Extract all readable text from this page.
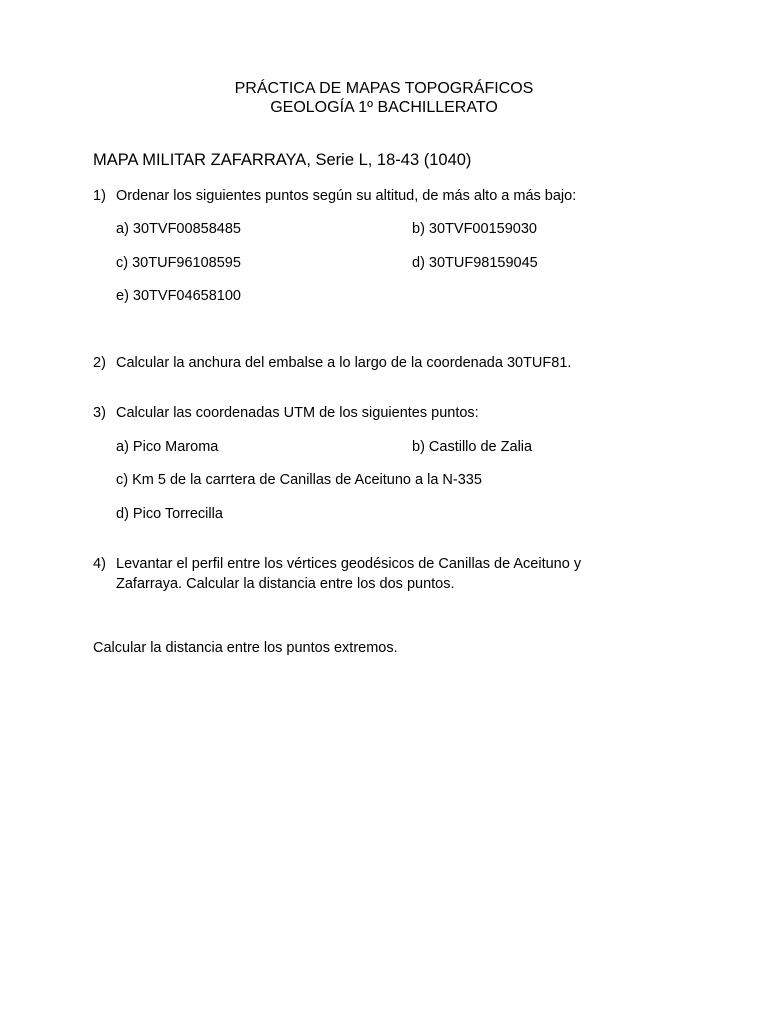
PRÁCTICA DE MAPAS TOPOGRÁFICOS
GEOLOGÍA 1º BACHILLERATO
MAPA MILITAR ZAFARRAYA, Serie L, 18-43 (1040)
1) Ordenar los siguientes puntos según su altitud, de más alto a más bajo:
a) 30TVF00858485	b) 30TVF00159030
c) 30TUF96108595	d) 30TUF98159045
e) 30TVF04658100
2) Calcular la anchura del embalse a lo largo de la coordenada 30TUF81.
3) Calcular las coordenadas UTM de los siguientes puntos:
a) Pico Maroma	b) Castillo de Zalia
c) Km 5 de la carrtera de Canillas de Aceituno a la N-335
d) Pico Torrecilla
4) Levantar el perfil entre los vértices geodésicos de Canillas de Aceituno y
Zafarraya. Calcular la distancia entre los dos puntos.
Calcular la distancia entre los puntos extremos.
